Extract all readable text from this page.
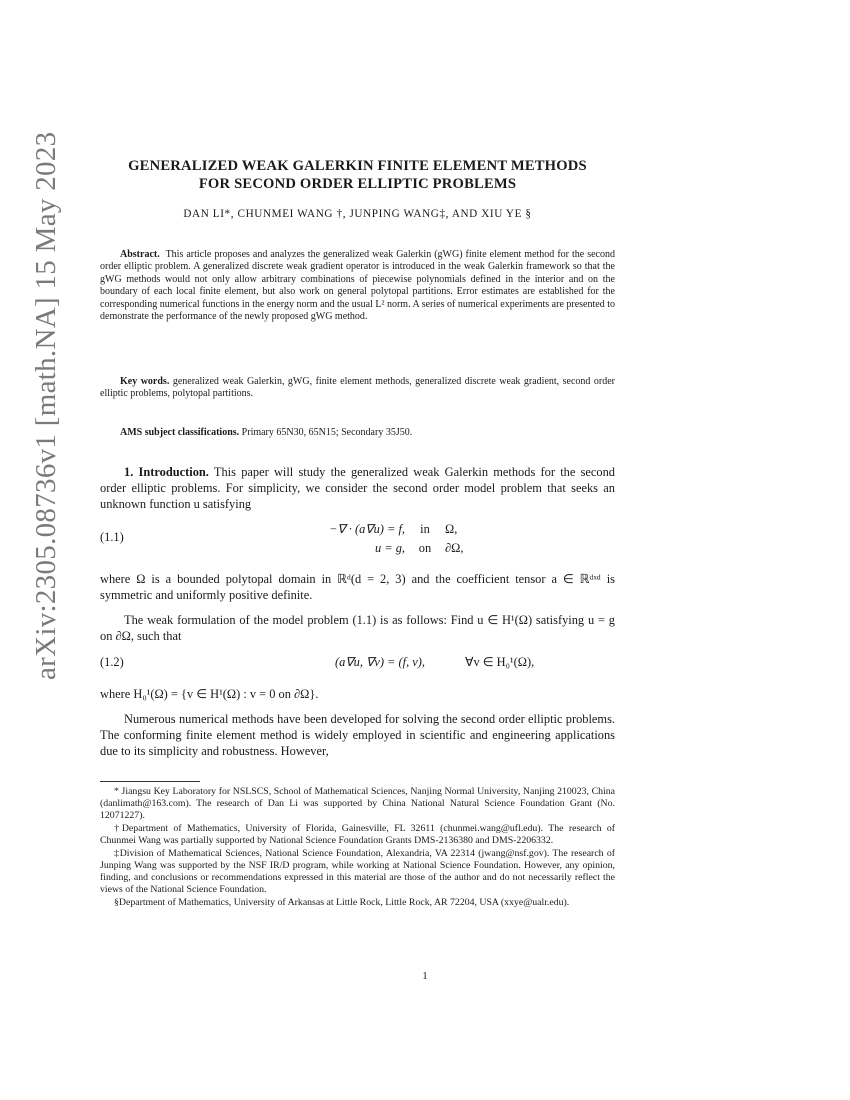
arXiv:2305.08736v1 [math.NA] 15 May 2023	GENERALIZED WEAK GALERKIN FINITE ELEMENT METHODS
FOR SECOND ORDER ELLIPTIC PROBLEMS
DAN LI*, CHUNMEI WANG †, JUNPING WANG‡, AND XIU YE §

Abstract. This article proposes and analyzes the generalized weak Galerkin (gWG) finite element method for the second order elliptic problem. A generalized discrete weak gradient operator is introduced in the weak Galerkin framework so that the gWG methods would not only allow arbitrary combinations of piecewise polynomials defined in the interior and on the boundary of each local finite element, but also work on general polytopal partitions. Error estimates are established for the corresponding numerical functions in the energy norm and the usual L² norm. A series of numerical experiments are presented to demonstrate the performance of the newly proposed gWG method.

Key words. generalized weak Galerkin, gWG, finite element methods, generalized discrete weak gradient, second order elliptic problems, polytopal partitions.

AMS subject classifications. Primary 65N30, 65N15; Secondary 35J50.

1. Introduction. This paper will study the generalized weak Galerkin methods for the second order elliptic problems. For simplicity, we consider the second order model problem that seeks an unknown function u satisfying

(1.1)
−∇ · (a∇u) = f, in Ω,
u = g, on ∂Ω,

where Ω is a bounded polytopal domain in ℝᵈ(d = 2, 3) and the coefficient tensor a ∈ ℝᵈˣᵈ is symmetric and uniformly positive definite.

The weak formulation of the model problem (1.1) is as follows: Find u ∈ H¹(Ω) satisfying u = g on ∂Ω, such that

(1.2)	(a∇u, ∇v) = (f, v),	∀v ∈ H₀¹(Ω),

where H₀¹(Ω) = {v ∈ H¹(Ω) : v = 0 on ∂Ω}.

Numerous numerical methods have been developed for solving the second order elliptic problems. The conforming finite element method is widely employed in scientific and engineering applications due to its simplicity and robustness. However,

* Jiangsu Key Laboratory for NSLSCS, School of Mathematical Sciences, Nanjing Normal University, Nanjing 210023, China (danlimath@163.com). The research of Dan Li was supported by China National Natural Science Foundation Grant (No. 12071227).

†Department of Mathematics, University of Florida, Gainesville, FL 32611 (chunmei.wang@ufl.edu). The research of Chunmei Wang was partially supported by National Science Foundation Grants DMS-2136380 and DMS-2206332.

‡Division of Mathematical Sciences, National Science Foundation, Alexandria, VA 22314 (jwang@nsf.gov). The research of Junping Wang was supported by the NSF IR/D program, while working at National Science Foundation. However, any opinion, finding, and conclusions or recommendations expressed in this material are those of the author and do not necessarily reflect the views of the National Science Foundation.

§Department of Mathematics, University of Arkansas at Little Rock, Little Rock, AR 72204, USA (xxye@ualr.edu).

1
